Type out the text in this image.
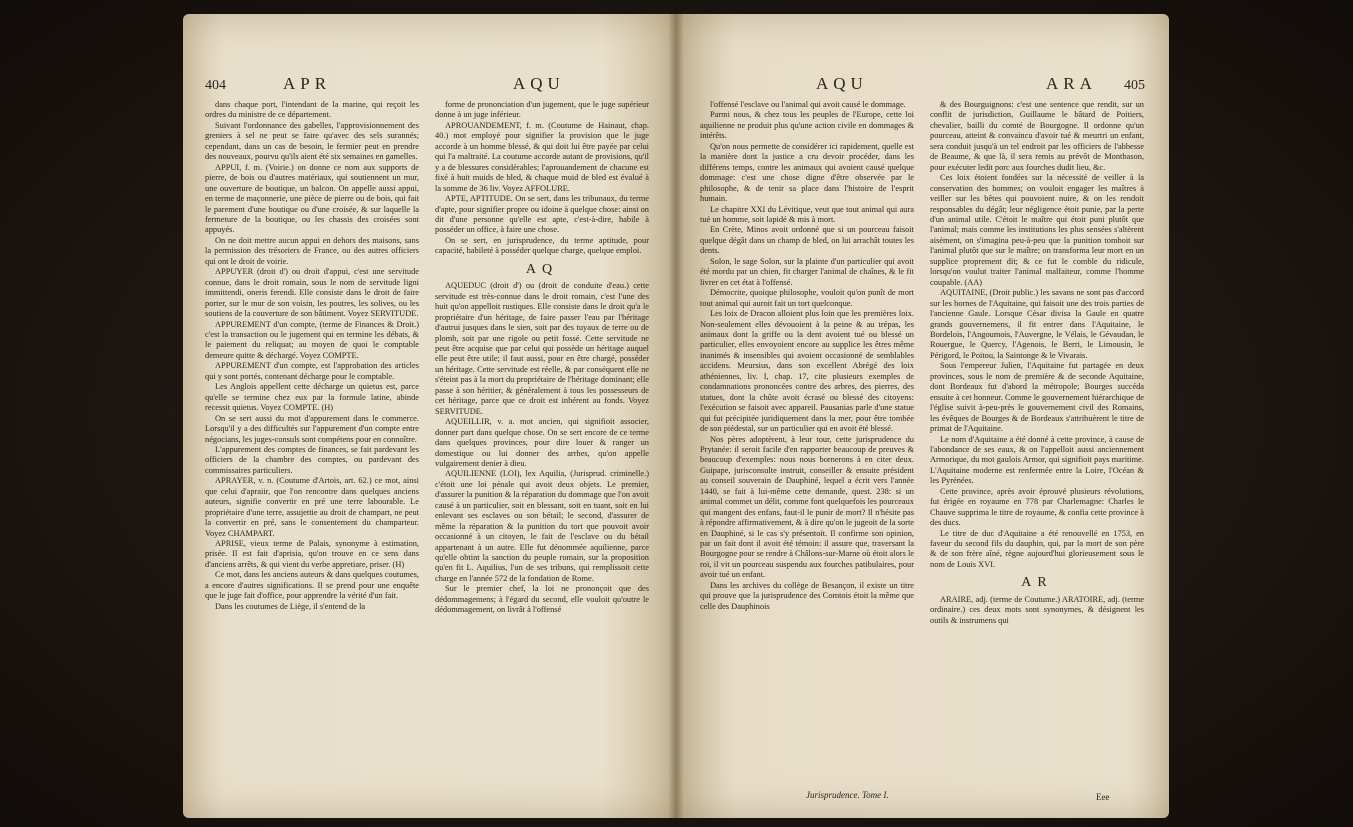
404	APR	AQU

dans chaque port, l'intendant de la marine, qui reçoit les ordres du ministre de ce département.

Suivant l'ordonnance des gabelles, l'approvisionnement des greniers à sel ne peut se faire qu'avec des sels surannés; cependant, dans un cas de besoin, le fermier peut en prendre des nouveaux, pourvu qu'ils aient été six semaines en gamelles.

APPUI, f. m. (Voirie.) on donne ce nom aux supports de pierre, de bois ou d'autres matériaux, qui soutiennent un mur, une ouverture de boutique, un balcon. On appelle aussi appui, en terme de maçonnerie, une pièce de pierre ou de bois, qui fait le parement d'une boutique ou d'une croisée, & sur laquelle la fermeture de la boutique, ou les chassis des croisées sont appuyés.

On ne doit mettre aucun appui en dehors des maisons, sans la permission des trésoriers de France, ou des autres officiers qui ont le droit de voirie.

APPUYER (droit d') ou droit d'appui, c'est une servitude connue, dans le droit romain, sous le nom de servitude ligni immittendi, oneris ferendi. Elle consiste dans le droit de faire porter, sur le mur de son voisin, les poutres, les solives, ou les soutiens de la couverture de son bâtiment. Voyez SERVITUDE.

APPUREMENT d'un compte, (terme de Finances & Droit.) c'est la transaction ou le jugement qui en termine les débats, & le paiement du reliquat; au moyen de quoi le comptable demeure quitte & déchargé. Voyez COMPTE.

APPUREMENT d'un compte, est l'approbation des articles qui y sont portés, contenant décharge pour le comptable.

Les Anglois appellent cette décharge un quietus est, parce qu'elle se termine chez eux par la formule latine, abinde recessit quietus. Voyez COMPTE. (H)

On se sert aussi du mot d'appurement dans le commerce. Lorsqu'il y a des difficultés sur l'appurement d'un compte entre négocians, les juges-consuls sont compétens pour en connoître.

L'appurement des comptes de finances, se fait pardevant les officiers de la chambre des comptes, ou pardevant des commissaires particuliers.

APRAYER, v. n. (Coutume d'Artois, art. 62.) ce mot, ainsi que celui d'apraiir, que l'on rencontre dans quelques anciens auteurs, signifie convertir en pré une terre labourable. Le propriétaire d'une terre, assujettie au droit de champart, ne peut la convertir en pré, sans le consentement du champarteur. Voyez CHAMPART.

APRISE, vieux terme de Palais, synonyme à estimation, prisée. Il est fait d'aprisia, qu'on trouve en ce sens dans d'anciens arrêts, & qui vient du verbe appretiare, priser. (H)

Ce mot, dans les anciens auteurs & dans quelques coutumes, a encore d'autres significations. Il se prend pour une enquête que le juge fait d'office, pour apprendre la vérité d'un fait.

Dans les coutumes de Liège, il s'entend de la

forme de prononciation d'un jugement, que le juge supérieur donne à un juge inférieur.

APROUANDEMENT, f. m. (Coutume de Hainaut, chap. 40.) mot employé pour signifier la provision que le juge accorde à un homme blessé, & qui doit lui être payée par celui qui l'a maltraité. La coutume accorde autant de provisions, qu'il y a de blessures considérables; l'aprouandement de chacune est fixé à huit muids de bled, & chaque muid de bled est évalué à la somme de 36 liv. Voyez AFFOLURE.

APTE, APTITUDE. On se sert, dans les tribunaux, du terme d'apte, pour signifier propre ou idoine à quelque chose: ainsi on dit d'une personne qu'elle est apte, c'est-à-dire, habile à posséder un office, à faire une chose.

On se sert, en jurisprudence, du terme aptitude, pour capacité, habileté à posséder quelque charge, quelque emploi.

AQ

AQUEDUC (droit d') ou (droit de conduite d'eau.) cette servitude est très-connue dans le droit romain, c'est l'une des huit qu'on appelloit rustiques. Elle consiste dans le droit qu'a le propriétaire d'un héritage, de faire passer l'eau par l'héritage d'autrui jusques dans le sien, soit par des tuyaux de terre ou de plomb, soit par une rigole ou petit fossé. Cette servitude ne peut être acquise que par celui qui possède un héritage auquel elle peut être utile; il faut aussi, pour en être chargé, posséder un héritage. Cette servitude est réelle, & par conséquent elle ne s'éteint pas à la mort du propriétaire de l'héritage dominant; elle passe à son héritier, & généralement à tous les possesseurs de cet héritage, parce que ce droit est inhérent au fonds. Voyez SERVITUDE.

AQUEILLIR, v. a. mot ancien, qui signifioit associer, donner part dans quelque chose. On se sert encore de ce terme dans quelques provinces, pour dire louer & ranger un domestique ou lui donner des arrhes, qu'on appelle vulgairement denier à dieu.

AQUILIENNE (LOI), lex Aquilia, (Jurisprud. criminelle.) c'étoit une loi pénale qui avoit deux objets. Le premier, d'assurer la punition & la réparation du dommage que l'on avoit causé à un particulier, soit en blessant, soit en tuant, soit en lui enlevant ses esclaves ou son bétail; le second, d'assurer de même la réparation & la punition du tort que pouvoit avoir occasionné à un citoyen, le fait de l'esclave ou du bétail appartenant à un autre. Elle fut dénommée aquilienne, parce qu'elle obtint la sanction du peuple romain, sur la proposition qu'en fit L. Aquilius, l'un de ses tribuns, qui remplissoit cette charge en l'année 572 de la fondation de Rome.

Sur le premier chef, la loi ne prononçoit que des dédommagemens; à l'égard du second, elle vouloit qu'outre le dédommagement, on livrât à l'offensé

AQU	ARA 405

l'offensé l'esclave ou l'animal qui avoit causé le dommage.

Parmi nous, & chez tous les peuples de l'Europe, cette loi aquilienne ne produit plus qu'une action civile en dommages & intérêts.

Qu'on nous permette de considérer ici rapidement, quelle est la manière dont la justice a cru devoir procéder, dans les différens temps, contre les animaux qui avoient causé quelque dommage: c'est une chose digne d'être observée par le philosophe, & de tenir sa place dans l'histoire de l'esprit humain.

Le chapitre XXI du Lévitique, veut que tout animal qui aura tué un homme, soit lapidé & mis à mort.

En Crète, Minos avoit ordonné que si un pourceau faisoit quelque dégât dans un champ de bled, on lui arrachât toutes les dents.

Solon, le sage Solon, sur la plainte d'un particulier qui avoit été mordu par un chien, fit charger l'animal de chaînes, & le fit livrer en cet état à l'offensé.

Démocrite, quoique philosophe, vouloit qu'on punît de mort tout animal qui auroit fait un tort quelconque.

Les loix de Dracon alloient plus loin que les premières loix. Non-seulement elles dévouoient à la peine & au trépas, les animaux dont la griffe ou la dent avoient tué ou blessé un particulier, elles envoyoient encore au supplice les êtres même inanimés & insensibles qui avoient occasionné de semblables accidens. Meursius, dans son excellent Abrégé des loix athéniennes, liv. I, chap. 17, cite plusieurs exemples de condamnations prononcées contre des arbres, des pierres, des statues, dont la chûte avoit écrasé ou blessé des citoyens: l'exécution se faisoit avec appareil. Pausanias parle d'une statue qui fut précipitée juridiquement dans la mer, pour être tombée de son piédestal, sur un particulier qui en avoit été blessé.

Nos pères adoptèrent, à leur tour, cette jurisprudence du Prytanée: il seroit facile d'en rapporter beaucoup de preuves & beaucoup d'exemples: nous nous bornerons à en citer deux. Guipape, jurisconsulte instruit, conseiller & ensuite président au conseil souverain de Dauphiné, lequel a écrit vers l'année 1440, se fait à lui-même cette demande, quest. 238: si un animal commet un délit, comme font quelquefois les pourceaux qui mangent des enfans, faut-il le punir de mort? Il n'hésite pas à répondre affirmativement, & à dire qu'on le jugeoit de la sorte en Dauphiné, si le cas s'y présentoit. Il confirme son opinion, par un fait dont il avoit été témoin: il assure que, traversant la Bourgogne pour se rendre à Châlons-sur-Marne où étoit alors le roi, il vit un pourceau suspendu aux fourches patibulaires, pour avoir tué un enfant.

Dans les archives du collège de Besançon, il existe un titre qui prouve que la jurisprudence des Comtois étoit la même que celle des Dauphinois

& des Bourguignons: c'est une sentence que rendit, sur un conflit de jurisdiction, Guillaume le bâtard de Poitiers, chevalier, bailli du comté de Bourgogne. Il ordonne qu'un pourceau, atteint & convaincu d'avoir tué & meurtri un enfant, sera conduit jusqu'à un tel endroit par les officiers de l'abbesse de Beaume, & que là, il sera remis au prévôt de Montbason, pour exécuter ledit porc aux fourches dudit lieu, &c.

Ces loix étoient fondées sur la nécessité de veiller à la conservation des hommes; on vouloit engager les maîtres à veiller sur les bêtes qui pouvoient nuire, & on les rendoit responsables du dégât; leur négligence étoit punie, par la perte d'un animal utile. C'étoit le maître qui étoit puni plutôt que l'animal; mais comme les institutions les plus sensées s'altèrent aisément, on s'imagina peu-à-peu que la punition tomboit sur l'animal plutôt que sur le maître; on transforma leur mort en un supplice proprement dit; & ce fut le comble du ridicule, lorsqu'on voulut traiter l'animal malfaiteur, comme l'homme coupable. (AA)

AQUITAINE, (Droit public.) les savans ne sont pas d'accord sur les bornes de l'Aquitaine, qui faisoit une des trois parties de l'ancienne Gaule. Lorsque César divisa la Gaule en quatre grands gouvernemens, il fit entrer dans l'Aquitaine, le Bordelois, l'Angoumois, l'Auvergne, le Vélais, le Gévaudan, le Rouergue, le Quercy, l'Agenois, le Berri, le Limousin, le Périgord, le Poitou, la Saintonge & le Vivarais.

Sous l'empereur Julien, l'Aquitaine fut partagée en deux provinces, sous le nom de première & de seconde Aquitaine, dont Bordeaux fut d'abord la métropole; Bourges succéda ensuite à cet honneur. Comme le gouvernement hiérarchique de l'église suivit à-peu-près le gouvernement civil des Romains, les évêques de Bourges & de Bordeaux s'attribuèrent le titre de primat de l'Aquitaine.

Le nom d'Aquitaine a été donné à cette province, à cause de l'abondance de ses eaux, & on l'appelloit aussi anciennement Armorique, du mot gaulois Armor, qui signifioit pays maritime. L'Aquitaine moderne est renfermée entre la Loire, l'Océan & les Pyrénées.

Cette province, après avoir éprouvé plusieurs révolutions, fut érigée en royaume en 778 par Charlemagne: Charles le Chauve supprima le titre de royaume, & confia cette province à des ducs.

Le titre de duc d'Aquitaine a été renouvellé en 1753, en faveur du second fils du dauphin, qui, par la mort de son père & de son frère aîné, règne aujourd'hui glorieusement sous le nom de Louis XVI.

AR

ARAIRE, adj. (terme de Coutume.) ARATOIRE, adj. (terme ordinaire.) ces deux mots sont synonymes, & désignent les outils & instrumens qui

Jurisprudence. Tome I.	Eee
